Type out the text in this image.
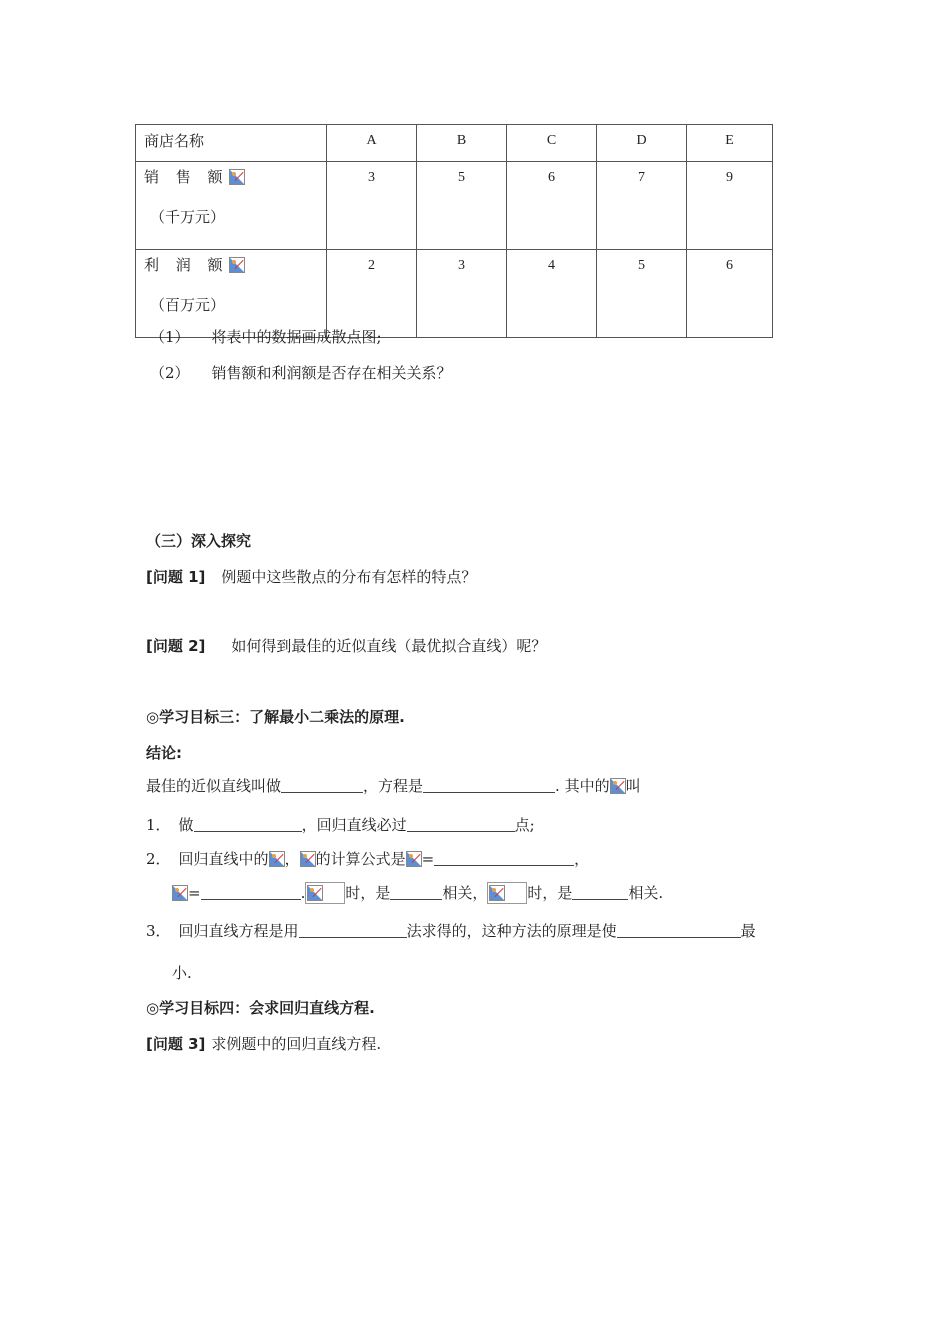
商店名称	A	B	C	D	E

销 售 额
（千万元）	3	5	6	7	9

利 润 额
（百万元）	2	3	4	5	6
（1） 将表中的数据画成散点图;
（2） 销售额和利润额是否存在相关关系？
（三）深入探究
[问题 1] 例题中这些散点的分布有怎样的特点？
[问题 2] 如何得到最佳的近似直线（最优拟合直线）呢？
◎学习目标三：了解最小二乘法的原理.
结论:
最佳的近似直线叫做	，方程是	. 其中的 叫
1． 做	，回归直线必过	点;
2． 回归直线中的 ， 的计算公式是 =	，
=	.	时，是	相关，	时，是	相关.
3． 回归直线方程是用	法求得的，这种方法的原理是使	最
小.
◎学习目标四：会求回归直线方程.
[问题 3] 求例题中的回归直线方程.
